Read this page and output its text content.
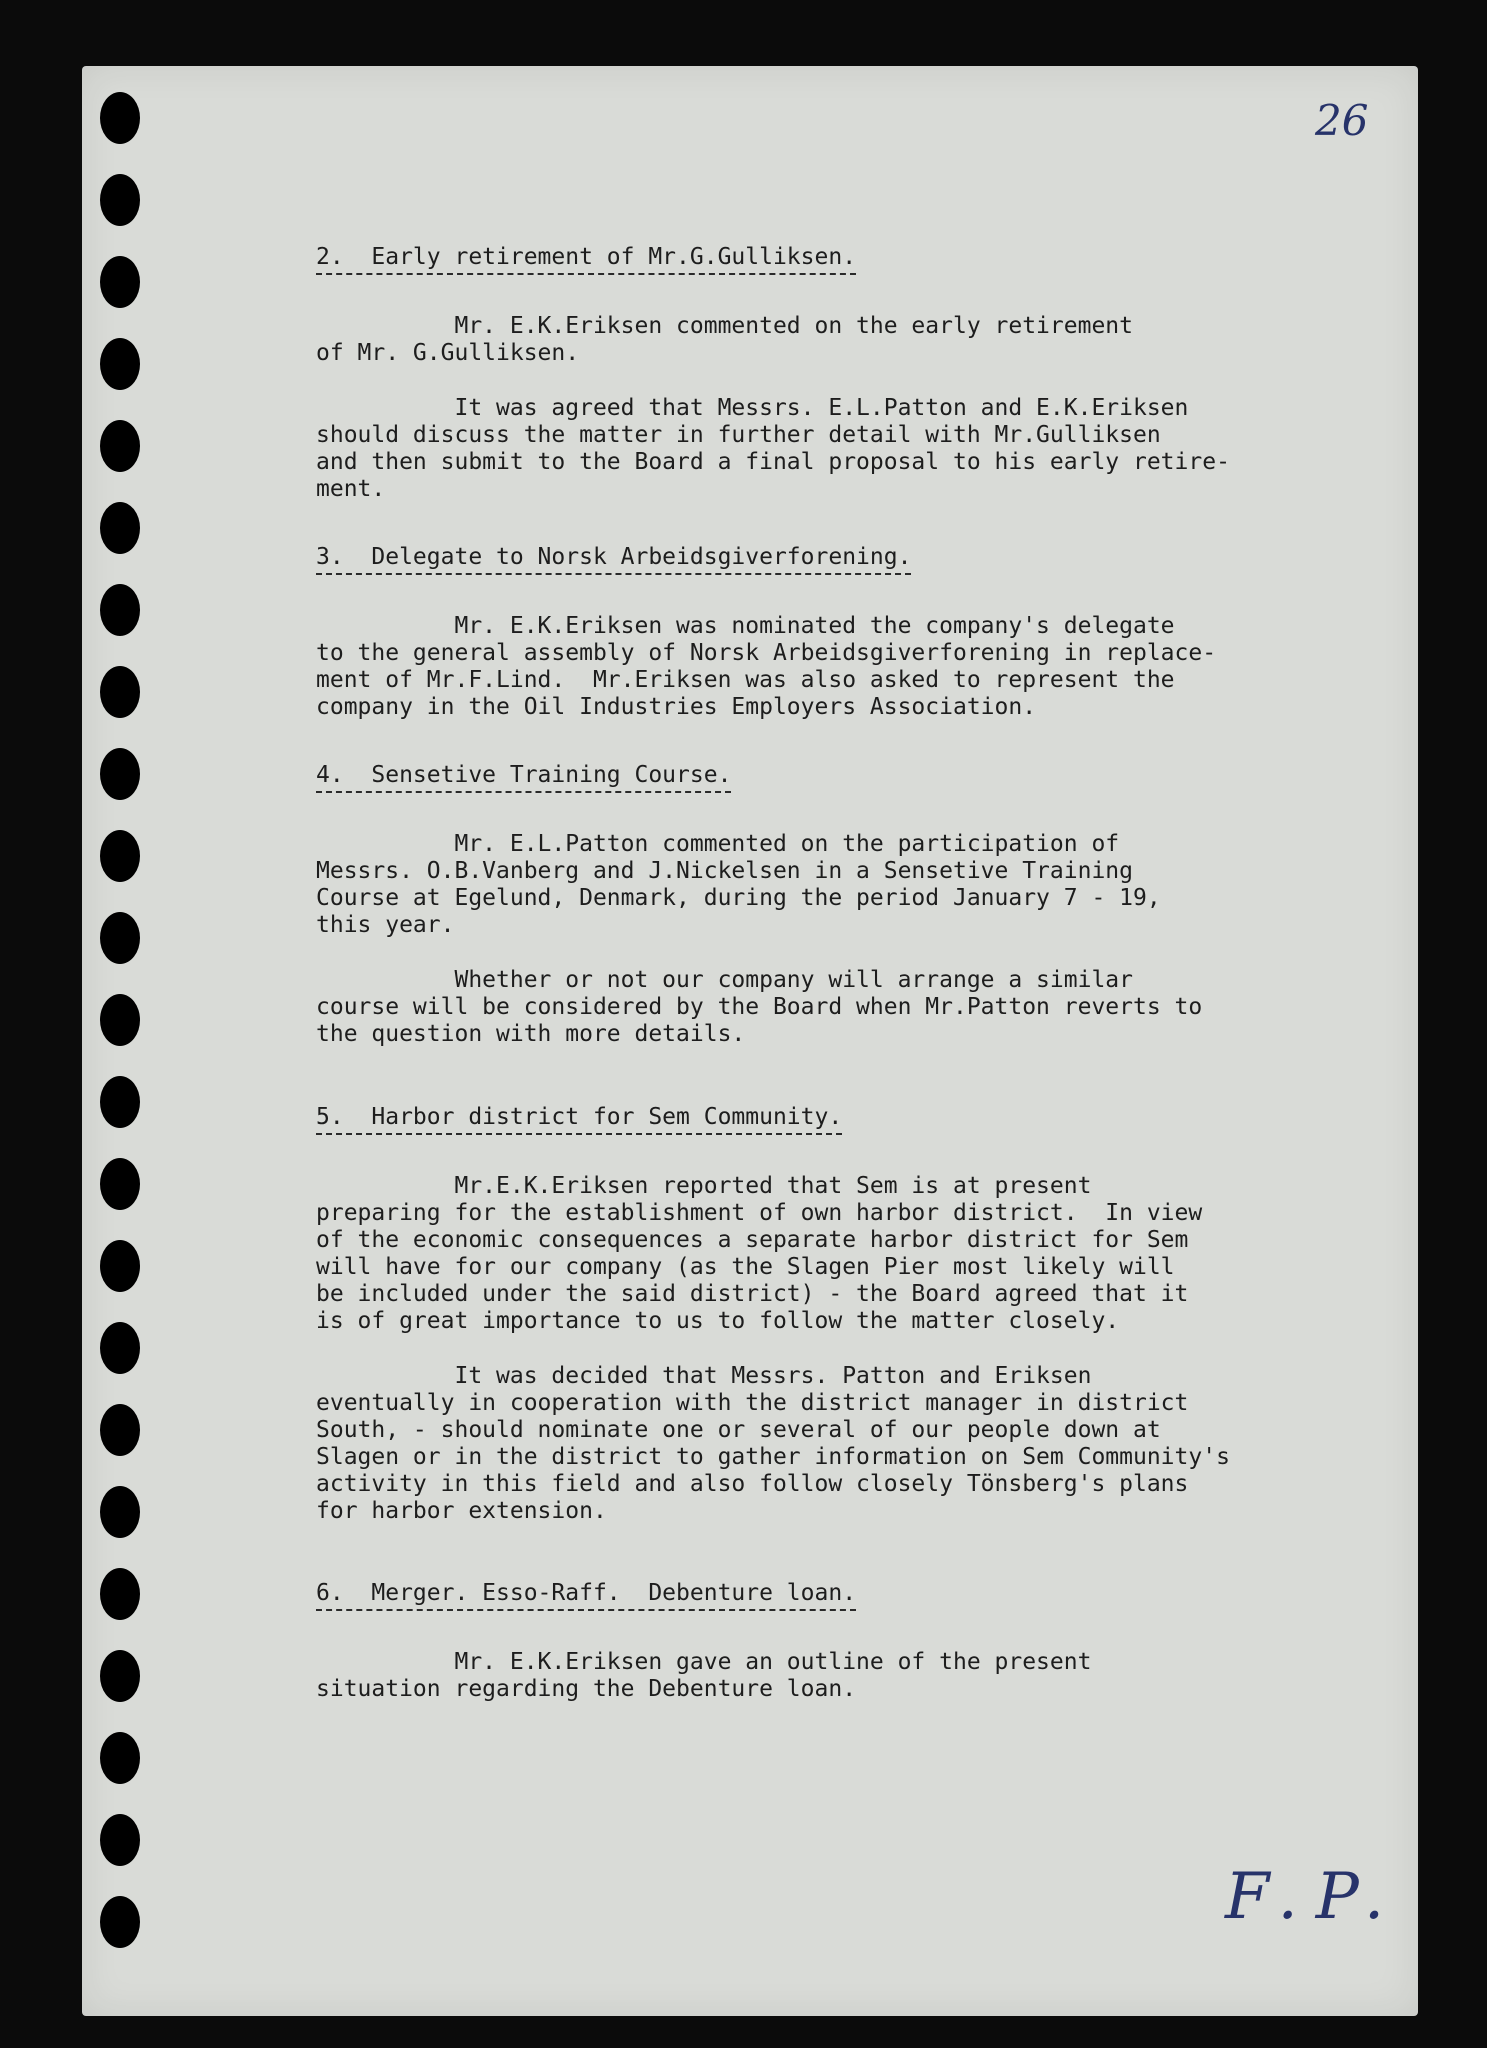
26
2.  Early retirement of Mr.G.Gulliksen.

Mr. E.K.Eriksen commented on the early retirement
of Mr. G.Gulliksen.

It was agreed that Messrs. E.L.Patton and E.K.Eriksen
should discuss the matter in further detail with Mr.Gulliksen
and then submit to the Board a final proposal to his early retire-
ment.

3.  Delegate to Norsk Arbeidsgiverforening.

Mr. E.K.Eriksen was nominated the company's delegate
to the general assembly of Norsk Arbeidsgiverforening in replace-
ment of Mr.F.Lind.  Mr.Eriksen was also asked to represent the
company in the Oil Industries Employers Association.

4.  Sensetive Training Course.

Mr. E.L.Patton commented on the participation of
Messrs. O.B.Vanberg and J.Nickelsen in a Sensetive Training
Course at Egelund, Denmark, during the period January 7 - 19,
this year.

Whether or not our company will arrange a similar
course will be considered by the Board when Mr.Patton reverts to
the question with more details.

5.  Harbor district for Sem Community.

Mr.E.K.Eriksen reported that Sem is at present
preparing for the establishment of own harbor district.  In view
of the economic consequences a separate harbor district for Sem
will have for our company (as the Slagen Pier most likely will
be included under the said district) - the Board agreed that it
is of great importance to us to follow the matter closely.

It was decided that Messrs. Patton and Eriksen
eventually in cooperation with the district manager in district
South, - should nominate one or several of our people down at
Slagen or in the district to gather information on Sem Community's
activity in this field and also follow closely Tönsberg's plans
for harbor extension.

6.  Merger. Esso-Raff.  Debenture loan.

Mr. E.K.Eriksen gave an outline of the present
situation regarding the Debenture loan.

F.P.
